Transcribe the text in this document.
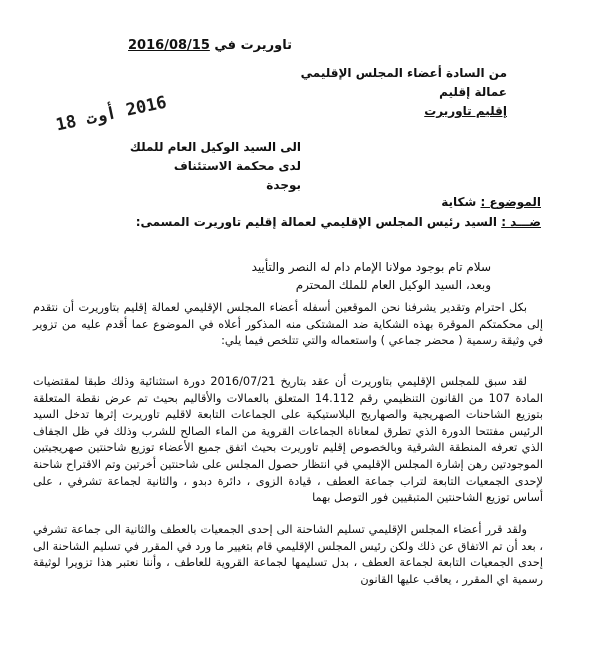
تاوريرت في 2016/08/15
من السادة أعضاء المجلس الإقليمي
عمالة إقليم
إقليم تاوريرت
2016 أوت 18
الى السيد الوكيل العام للملك
لدى محكمة الاستئناف
بوجدة
الموضوع : شكاية
ضـــد : السيد رئيس المجلس الإقليمي لعمالة إقليم تاوريرت المسمى:
سلام تام بوجود مولانا الإمام دام له النصر والتأييد
وبعد، السيد الوكيل العام للملك المحترم
بكل احترام وتقدير يشرفنا نحن الموقعين أسفله أعضاء المجلس الإقليمي لعمالة إقليم بتاوريرت أن نتقدم إلى محكمتكم الموقرة بهذه الشكاية ضد المشتكى منه المذكور أعلاه في الموضوع عما أقدم عليه من تزوير في وثيقة رسمية ( محضر جماعي ) واستعماله والتي تتلخص فيما يلي:
لقد سبق للمجلس الإقليمي بتاوريرت أن عقد بتاريخ 2016/07/21 دورة استثنائية وذلك طبقا لمقتضيات المادة 107 من القانون التنظيمي رقم 14.112 المتعلق بالعمالات والأقاليم بحيث تم عرض نقطة المتعلقة بتوزيع الشاحنات الصهريجية والصهاريج البلاستيكية على الجماعات التابعة لاقليم تاوريرت إثرها تدخل السيد الرئيس مفتتحا الدورة الذي تطرق لمعاناة الجماعات القروية من الماء الصالح للشرب وذلك في ظل الجفاف الذي تعرفه المنطقة الشرقية وبالخصوص إقليم تاوريرت بحيث اتفق جميع الأعضاء توزيع شاحنتين صهريجيتين الموجودتين رهن إشارة المجلس الإقليمي في انتظار حصول المجلس على شاحنتين أخرتين وتم الاقتراح شاحنة لإحدى الجمعيات التابعة لتراب جماعة العطف ، قيادة الزوى ، دائرة دبدو ، والثانية لجماعة تشرفي ، على أساس توزيع الشاحنتين المتبقيين فور التوصل بهما
ولقد قرر أعضاء المجلس الإقليمي تسليم الشاحنة الى إحدى الجمعيات بالعطف والثانية الى جماعة تشرفي ، بعد أن تم الاتفاق عن ذلك ولكن رئيس المجلس الإقليمي قام بتغيير ما ورد في المقرر في تسليم الشاحنة الى إحدى الجمعيات التابعة لجماعة العطف ، بدل تسليمها لجماعة القروية للعاطف ، وأننا نعتبر هذا تزويرا لوثيقة رسمية اي المقرر ، يعاقب عليها القانون
